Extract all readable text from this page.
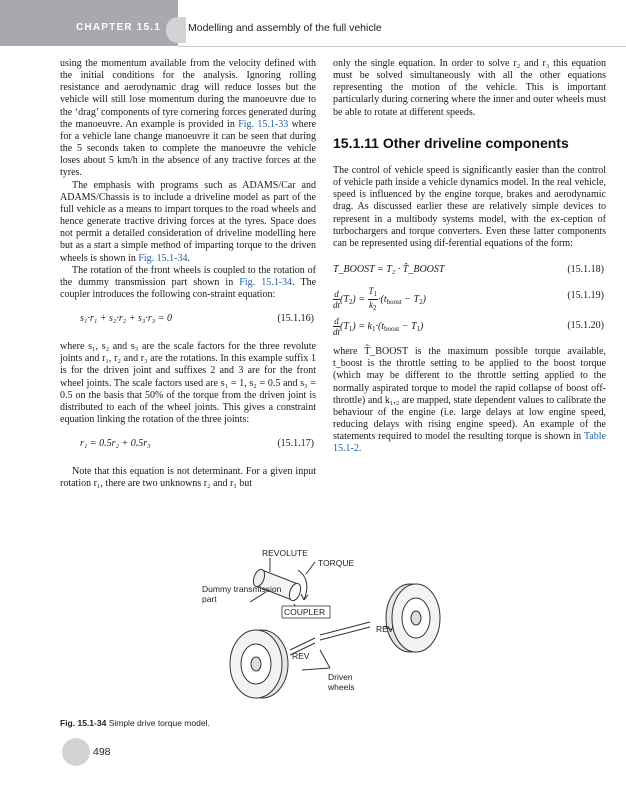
CHAPTER 15.1	Modelling and assembly of the full vehicle

using the momentum available from the velocity defined with the initial conditions for the analysis. Ignoring rolling resistance and aerodynamic drag will reduce losses but the vehicle will still lose momentum during the manoeuvre due to the ‘drag’ components of tyre cornering forces generated during the manoeuvre. An example is provided in Fig. 15.1-33 where for a vehicle lane change manoeuvre it can be seen that during the 5 seconds taken to complete the manoeuvre the vehicle loses about 5 km/h in the absence of any tractive forces at the tyres.

The emphasis with programs such as ADAMS/Car and ADAMS/Chassis is to include a driveline model as part of the full vehicle as a means to impart torques to the road wheels and hence generate tractive driving forces at the tyres. Space does not permit a detailed consideration of driveline modelling here but as a start a simple method of imparting torque to the driven wheels is shown in Fig. 15.1-34.

The rotation of the front wheels is coupled to the rotation of the dummy transmission part shown in Fig. 15.1-34. The coupler introduces the following con-straint equation:

s₁·r₁ + s₂·r₂ + s₃·r₃ = 0	(15.1.16)

where s₁, s₂ and s₃ are the scale factors for the three revolute joints and r₁, r₂ and r₃ are the rotations. In this example suffix 1 is for the driven joint and suffixes 2 and 3 are for the front wheel joints. The scale factors used are s₁ = 1, s₂ = 0.5 and s₃ = 0.5 on the basis that 50% of the torque from the driven joint is distributed to each of the wheel joints. This gives a constraint equation linking the rotation of the three joints:

r₁ = 0.5r₂ + 0.5r₃	(15.1.17)

Note that this equation is not determinant. For a given input rotation r₁, there are two unknowns r₂ and r₃ but

only the single equation. In order to solve r₂ and r₃ this equation must be solved simultaneously with all the other equations representing the motion of the vehicle. This is important particularly during cornering where the inner and outer wheels must be able to rotate at different speeds.

15.1.11 Other driveline components

The control of vehicle speed is significantly easier than the control of vehicle path inside a vehicle dynamics model. In the real vehicle, speed is influenced by the engine torque, brakes and aerodynamic drag. As discussed earlier these are relatively simple devices to represent in a multibody systems model, with the ex-ception of turbochargers and torque converters. Even these latter components can be represented using dif-ferential equations of the form:

T_BOOST = T₂ · T̂_BOOST	(15.1.18)
$\frac{d}{dt} (T_2) = \frac{T_1}{k_2} \cdot(t_{boost} - T_2)$	(15.1.19)
$\frac{d}{dt} (T_1) = k_1\cdot(t_{boost} - T_1)$	(15.1.20)

where T̂_BOOST is the maximum possible torque available, t_boost is the throttle setting to be applied to the boost torque (which may be different to the throttle setting applied to the normally aspirated torque to model the rapid collapse of boost off-throttle) and k₁,₂ are mapped, state dependent values to calibrate the behaviour of the engine (i.e. large delays at low engine speed, reducing delays with rising engine speed). An example of the statements required to model the resulting torque is shown in Table 15.1-2.

REVOLUTE
TORQUE
Dummy transmission part
COUPLER
REV
REV
Driven wheels
Fig. 15.1-34 Simple drive torque model.
498
